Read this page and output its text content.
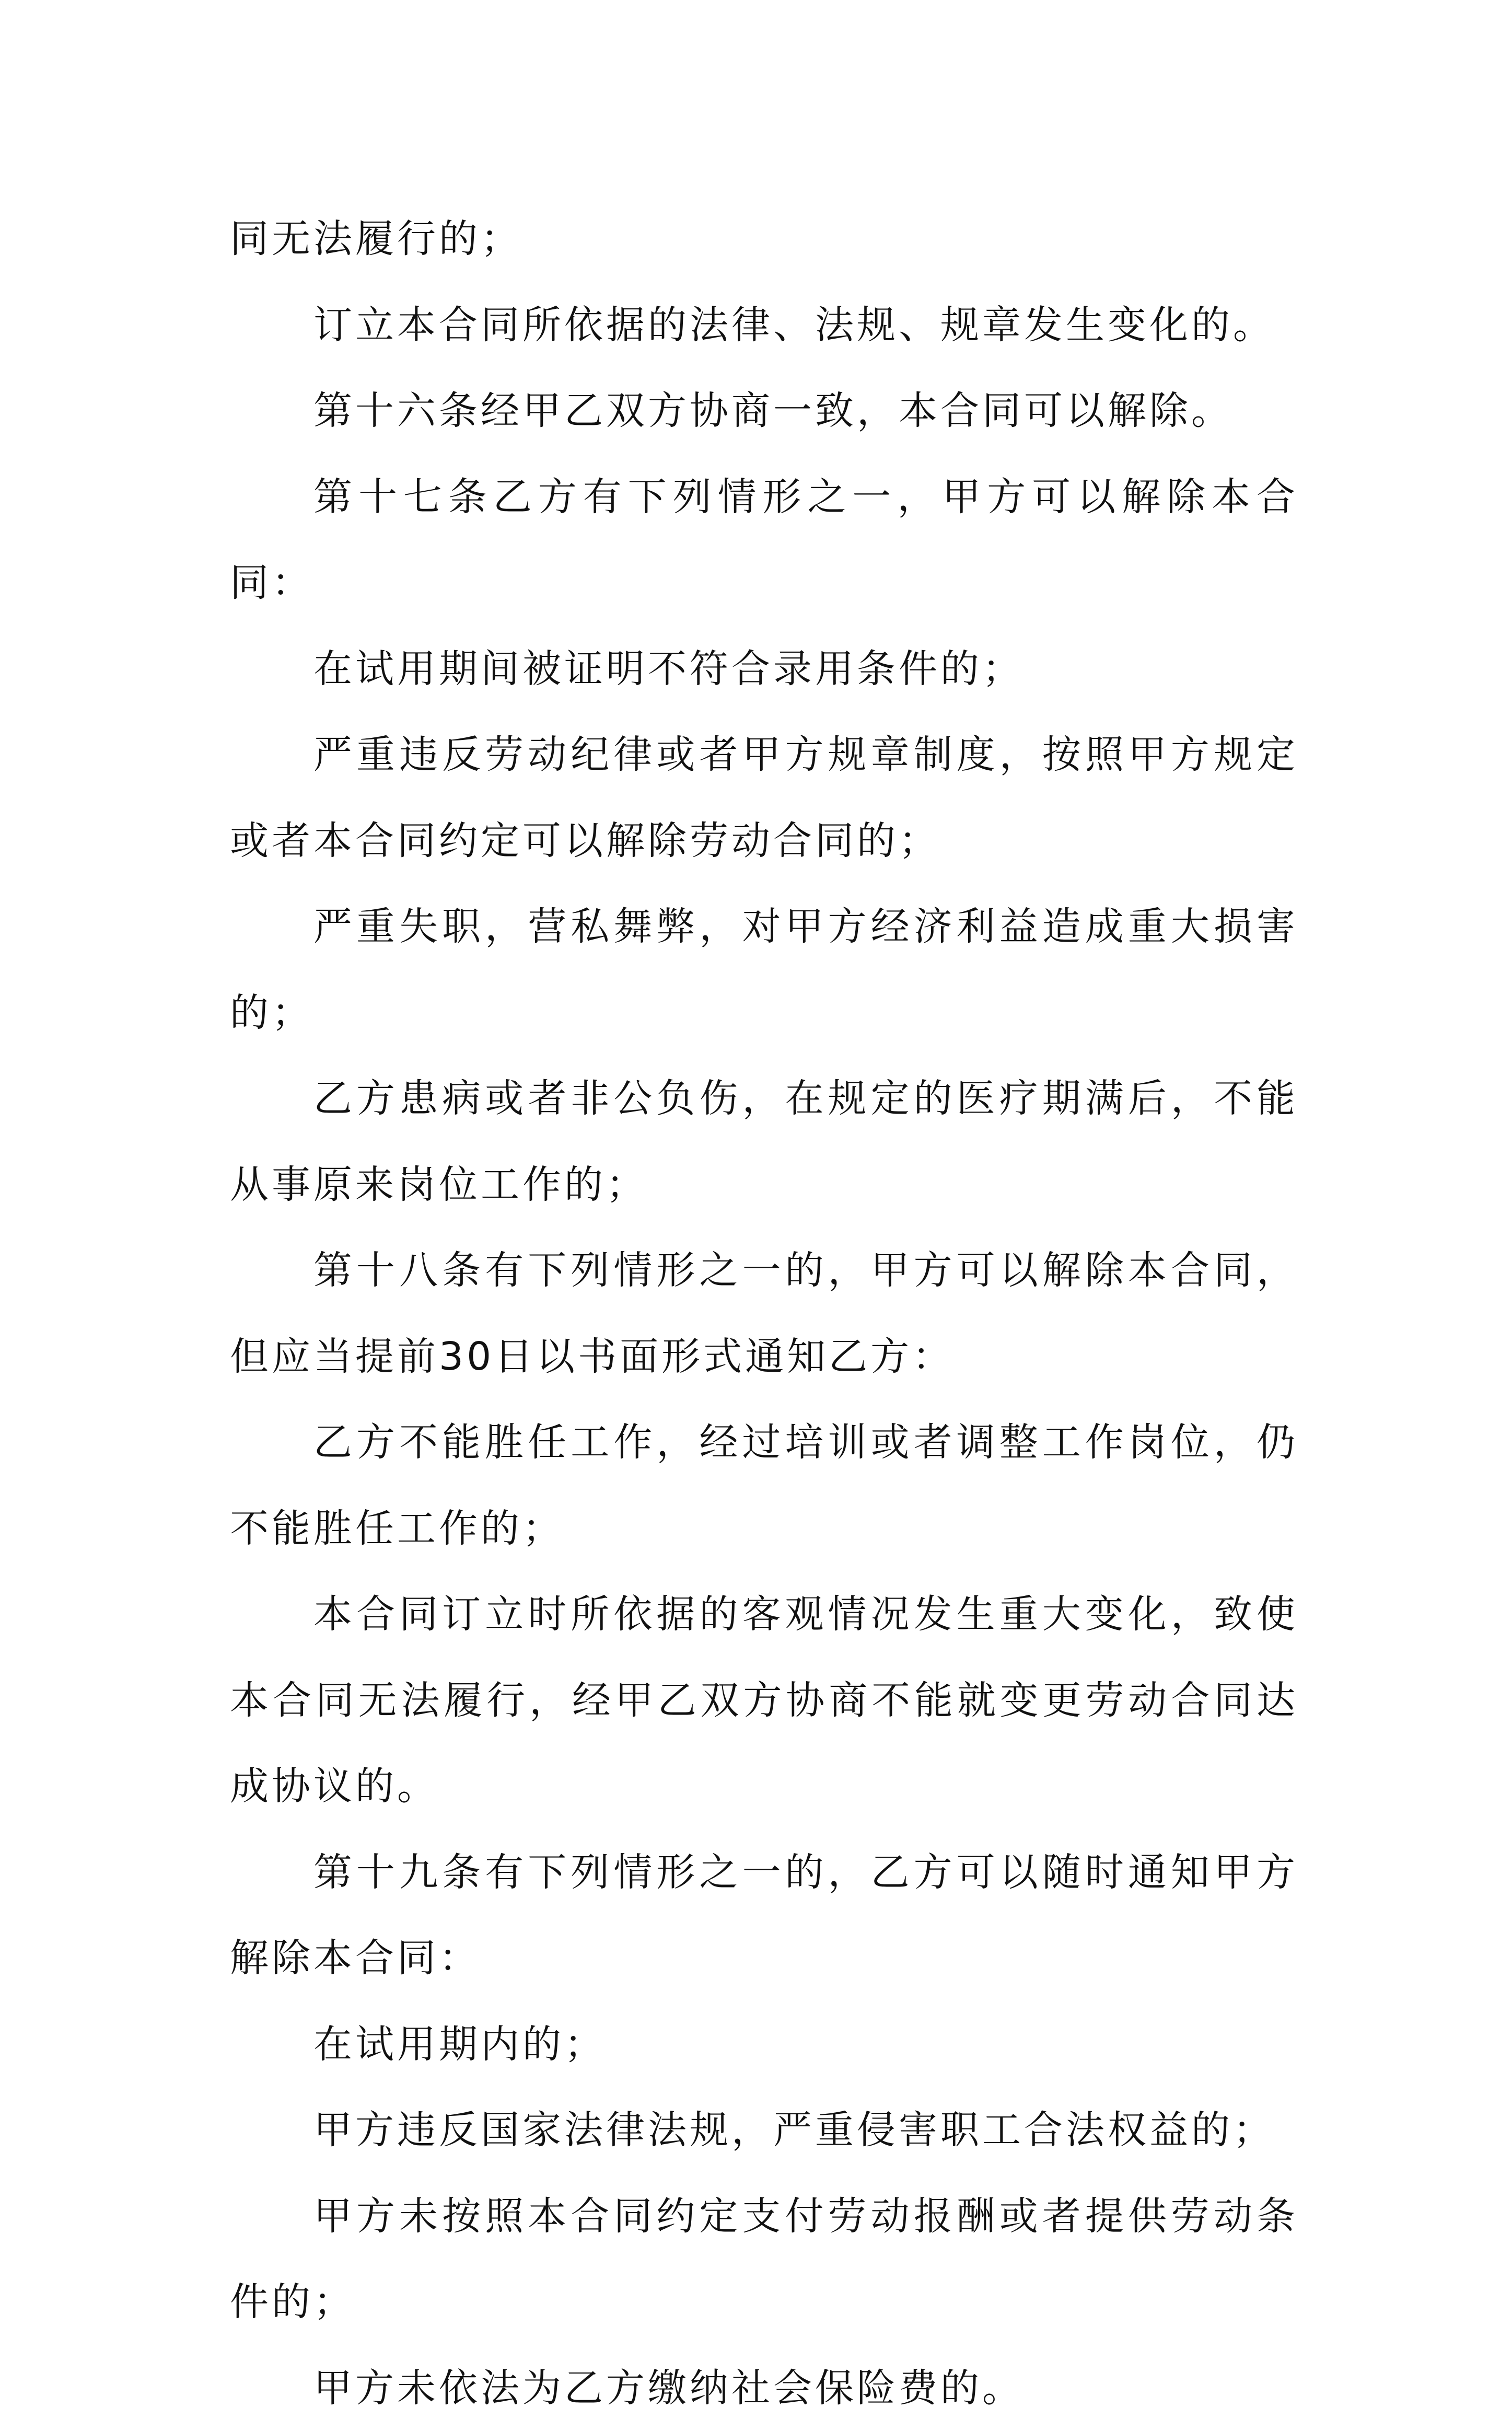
同无法履行的；

订立本合同所依据的法律、法规、规章发生变化的。

第十六条经甲乙双方协商一致，本合同可以解除。

第十七条乙方有下列情形之一，甲方可以解除本合同：

在试用期间被证明不符合录用条件的；

严重违反劳动纪律或者甲方规章制度，按照甲方规定或者本合同约定可以解除劳动合同的；

严重失职，营私舞弊，对甲方经济利益造成重大损害的；

乙方患病或者非公负伤，在规定的医疗期满后，不能从事原来岗位工作的；

第十八条有下列情形之一的，甲方可以解除本合同，但应当提前30日以书面形式通知乙方：

乙方不能胜任工作，经过培训或者调整工作岗位，仍不能胜任工作的；

本合同订立时所依据的客观情况发生重大变化，致使本合同无法履行，经甲乙双方协商不能就变更劳动合同达成协议的。

第十九条有下列情形之一的，乙方可以随时通知甲方解除本合同：

在试用期内的；

甲方违反国家法律法规，严重侵害职工合法权益的；

甲方未按照本合同约定支付劳动报酬或者提供劳动条件的；

甲方未依法为乙方缴纳社会保险费的。
